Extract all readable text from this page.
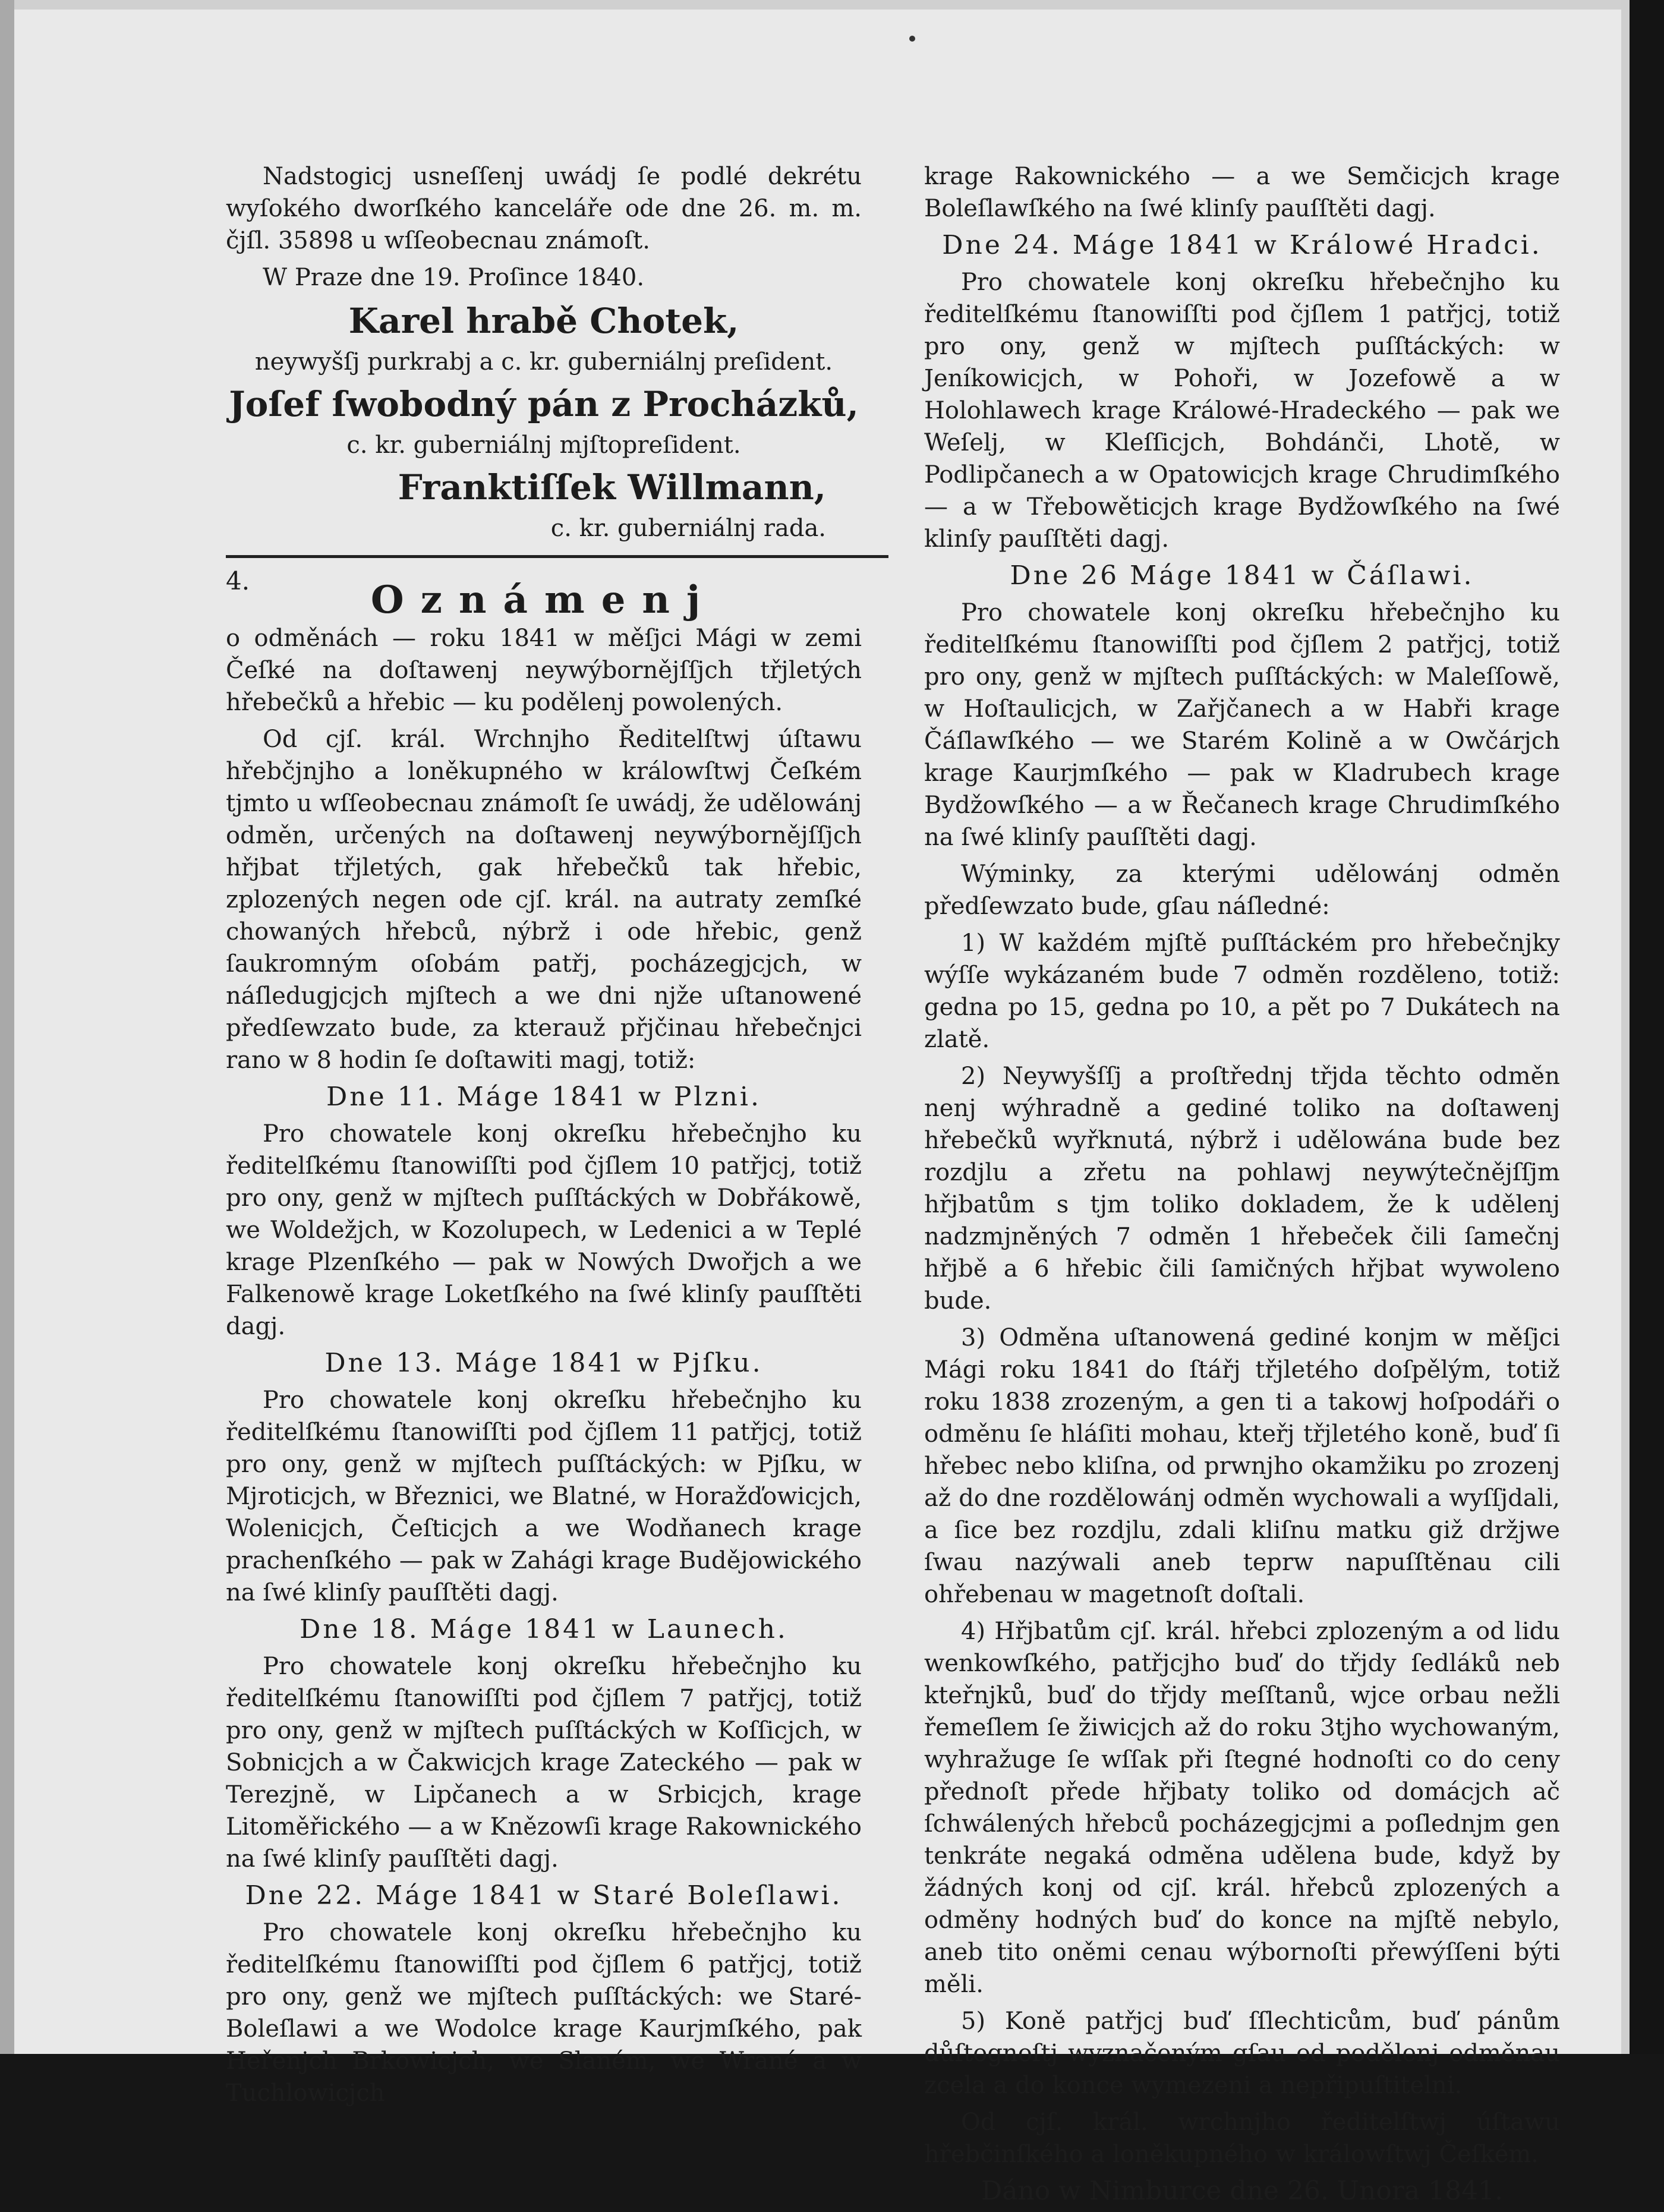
Nadstogicj usneſſenj uwádj ſe podlé dekrétu wyſokého dworſkého kanceláře ode dne 26. m. m. čjſl. 35898 u wſſeobecnau známoſt.

W Praze dne 19. Proſince 1840.

Karel hrabě Chotek,
neywyšſj purkrabj a c. kr. guberniálnj preſident.
Joſef ſwobodný pán z Procházků,
c. kr. guberniálnj mjſtopreſident.
Franktiſſek Willmann,
c. kr. guberniálnj rada.

4.	Oznámenj

o odměnách — roku 1841 w měſjci Mági w zemi Čeſké na doſtawenj neywýbornějſſjch třjletých hřebečků a hřebic — ku podělenj powolených.

Od cjſ. král. Wrchnjho Ředitelſtwj úſtawu hřebčjnjho a loněkupného w králowſtwj Čeſkém tjmto u wſſeobecnau známoſt ſe uwádj, že udělowánj odměn, určených na doſtawenj neywýbornějſſjch hřjbat třjletých, gak hřebečků tak hřebic, zplozených negen ode cjſ. král. na autraty zemſké chowaných hřebců, nýbrž i ode hřebic, genž ſaukromným oſobám patřj, pocházegjcjch, w náſledugjcjch mjſtech a we dni njže uſtanowené předſewzato bude, za kterauž přjčinau hřebečnjci rano w 8 hodin ſe doſtawiti magj, totiž:

Dne 11. Máge 1841 w Plzni.

Pro chowatele konj okreſku hřebečnjho ku ředitelſkému ſtanowiſſti pod čjſlem 10 patřjcj, totiž pro ony, genž w mjſtech puſſtáckých w Dobřákowě, we Woldežjch, w Kozolupech, w Ledenici a w Teplé krage Plzenſkého — pak w Nowých Dwořjch a we Falkenowě krage Loketſkého na ſwé klinſy pauſſtěti dagj.

Dne 13. Máge 1841 w Pjſku.

Pro chowatele konj okreſku hřebečnjho ku ředitelſkému ſtanowiſſti pod čjſlem 11 patřjcj, totiž pro ony, genž w mjſtech puſſtáckých: w Pjſku, w Mjroticjch, w Březnici, we Blatné, w Horažďowicjch, Wolenicjch, Čeſticjch a we Wodňanech krage prachenſkého — pak w Zahági krage Budějowického na ſwé klinſy pauſſtěti dagj.

Dne 18. Máge 1841 w Launech.

Pro chowatele konj okreſku hřebečnjho ku ředitelſkému ſtanowiſſti pod čjſlem 7 patřjcj, totiž pro ony, genž w mjſtech puſſtáckých w Koſſicjch, w Sobnicjch a w Čakwicjch krage Zateckého — pak w Terezjně, w Lipčanech a w Srbicjch, krage Litoměřického — a w Knězowſi krage Rakownického na ſwé klinſy pauſſtěti dagj.

Dne 22. Máge 1841 w Staré Boleſlawi.

Pro chowatele konj okreſku hřebečnjho ku ředitelſkému ſtanowiſſti pod čjſlem 6 patřjcj, totiž pro ony, genž we mjſtech puſſtáckých: we Staré-Boleſlawi a we Wodolce krage Kaurjmſkého, pak Heřenjch Brkowicjch, we Slaném, we Wrané a w Tuchlowicjch

krage Rakownického — a we Semčicjch krage Boleſlawſkého na ſwé klinſy pauſſtěti dagj.

Dne 24. Máge 1841 w Králowé Hradci.

Pro chowatele konj okreſku hřebečnjho ku ředitelſkému ſtanowiſſti pod čjſlem 1 patřjcj, totiž pro ony, genž w mjſtech puſſtáckých: w Jeníkowicjch, w Pohoři, w Jozefowě a w Holohlawech krage Králowé-Hradeckého — pak we Weſelj, w Kleſſicjch, Bohdánči, Lhotě, w Podlipčanech a w Opatowicjch krage Chrudimſkého — a w Třebowěticjch krage Bydžowſkého na ſwé klinſy pauſſtěti dagj.

Dne 26 Máge 1841 w Čáſlawi.

Pro chowatele konj okreſku hřebečnjho ku ředitelſkému ſtanowiſſti pod čjſlem 2 patřjcj, totiž pro ony, genž w mjſtech puſſtáckých: w Maleſſowě, w Hoſtaulicjch, w Zařjčanech a w Habři krage Čáſlawſkého — we Starém Kolině a w Owčárjch krage Kaurjmſkého — pak w Kladrubech krage Bydžowſkého — a w Řečanech krage Chrudimſkého na ſwé klinſy pauſſtěti dagj.

Wýminky, za kterými udělowánj odměn předſewzato bude, gſau náſledné:

1) W každém mjſtě puſſtáckém pro hřebečnjky wýſſe wykázaném bude 7 odměn rozděleno, totiž: gedna po 15, gedna po 10, a pět po 7 Dukátech na zlatě.

2) Neywyšſſj a proſtřednj třjda těchto odměn nenj wýhradně a gediné toliko na doſtawenj hřebečků wyřknutá, nýbrž i udělowána bude bez rozdjlu a zřetu na pohlawj neywýtečnějſſjm hřjbatům s tjm toliko dokladem, že k udělenj nadzmjněných 7 odměn 1 hřebeček čili ſamečnj hřjbě a 6 hřebic čili ſamičných hřjbat wywoleno bude.

3) Odměna uſtanowená gediné konjm w měſjci Mági roku 1841 do ſtářj třjletého doſpělým, totiž roku 1838 zrozeným, a gen ti a takowj hoſpodáři o odměnu ſe hláſiti mohau, kteřj třjletého koně, buď ſi hřebec nebo kliſna, od prwnjho okamžiku po zrozenj až do dne rozdělowánj odměn wychowali a wyſſjdali, a ſice bez rozdjlu, zdali kliſnu matku giž držjwe ſwau nazýwali aneb teprw napuſſtěnau cili ohřebenau w magetnoſt doſtali.

4) Hřjbatům cjſ. král. hřebci zplozeným a od lidu wenkowſkého, patřjcjho buď do třjdy ſedláků neb kteřnjků, buď do třjdy meſſtanů, wjce orbau nežli řemeſlem ſe žiwicjch až do roku 3tjho wychowaným, wyhražuge ſe wſſak při ſtegné hodnoſti co do ceny přednoſt přede hřjbaty toliko od domácjch ač ſchwálených hřebců pocházegjcjmi a poſlednjm gen tenkráte negaká odměna udělena bude, když by žádných konj od cjſ. král. hřebců zplozených a odměny hodných buď do konce na mjſtě nebylo, aneb tito oněmi cenau wýbornoſti přewýſſeni býti měli.

5) Koně patřjcj buď ſſlechticům, buď pánům důſtognoſtj wyznačeným gſau od podělenj odměnau zcela a do konce wymezeni a nepřipuſtitelni.

Od cjſ. král. wrchnjho ředitelſtwj úſtawu hřebčinſkého a loněkupného w králowſtwj Čeſkém.

Dáno w Nimburce dne 26. Unora 1841.
